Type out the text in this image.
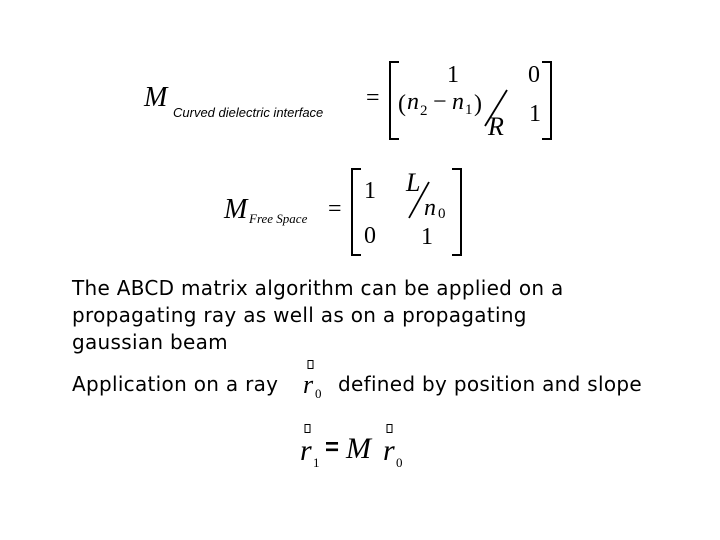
M Curved dielectric interface
=
1	0
( n 2 − n 1 )
R 1
M Free Space =
1 L
n 0
0 1
The ABCD matrix algorithm can be applied on a
propagating ray as well as on a propagating
gaussian beam
Application on a ray r 0 defined by position and slope
r 1
= M r 0
